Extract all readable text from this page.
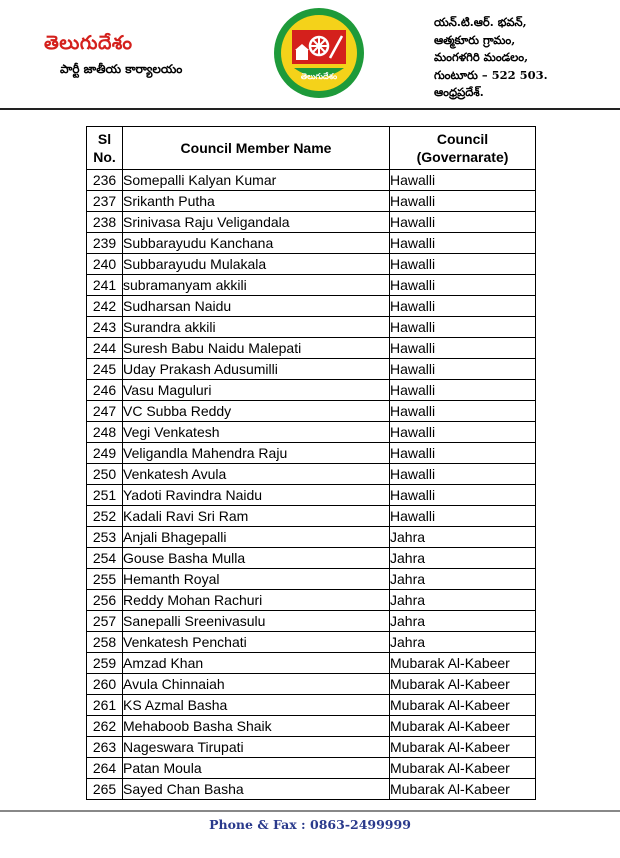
తెలుగుదేశం
పార్టీ జాతీయ కార్యాలయం
తెలుగుదేశం
యన్.టి.ఆర్. భవన్,
ఆత్మకూరు గ్రామం,
మంగళగిరి మండలం,
గుంటూరు – 522 503.
ఆంధ్రప్రదేశ్.
Sl No.	Council Member Name	Council (Governarate)
236	Somepalli Kalyan Kumar	Hawalli
237	Srikanth Putha	Hawalli
238	Srinivasa Raju Veligandala	Hawalli
239	Subbarayudu Kanchana	Hawalli
240	Subbarayudu Mulakala	Hawalli
241	subramanyam akkili	Hawalli
242	Sudharsan Naidu	Hawalli
243	Surandra akkili	Hawalli
244	Suresh Babu Naidu Malepati	Hawalli
245	Uday Prakash Adusumilli	Hawalli
246	Vasu Maguluri	Hawalli
247	VC Subba Reddy	Hawalli
248	Vegi Venkatesh	Hawalli
249	Veligandla Mahendra Raju	Hawalli
250	Venkatesh Avula	Hawalli
251	Yadoti Ravindra Naidu	Hawalli
252	Kadali Ravi Sri Ram	Hawalli
253	Anjali Bhagepalli	Jahra
254	Gouse Basha Mulla	Jahra
255	Hemanth Royal	Jahra
256	Reddy Mohan Rachuri	Jahra
257	Sanepalli Sreenivasulu	Jahra
258	Venkatesh Penchati	Jahra
259	Amzad Khan	Mubarak Al-Kabeer
260	Avula Chinnaiah	Mubarak Al-Kabeer
261	KS Azmal Basha	Mubarak Al-Kabeer
262	Mehaboob Basha Shaik	Mubarak Al-Kabeer
263	Nageswara Tirupati	Mubarak Al-Kabeer
264	Patan Moula	Mubarak Al-Kabeer
265	Sayed Chan Basha	Mubarak Al-Kabeer
Phone & Fax : 0863-2499999
